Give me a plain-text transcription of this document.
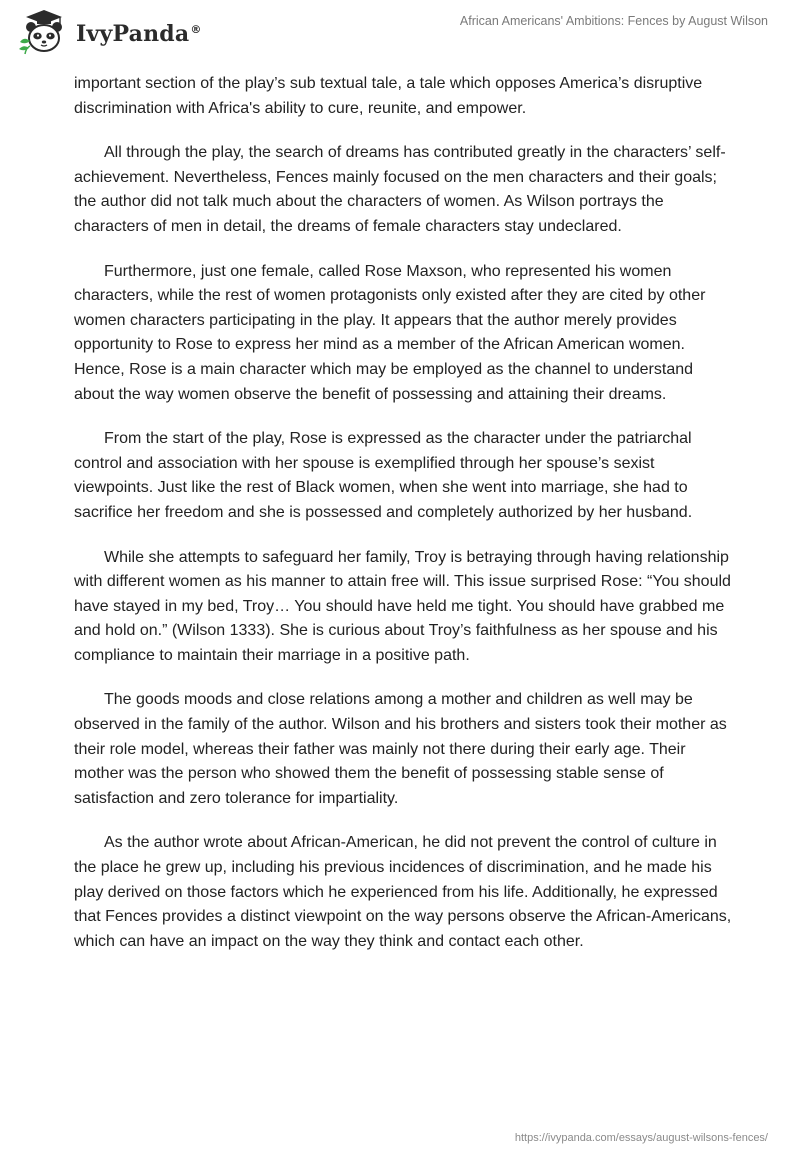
IvyPanda®
African Americans' Ambitions: Fences by August Wilson

important section of the play’s sub textual tale, a tale which opposes America’s disruptive discrimination with Africa's ability to cure, reunite, and empower.

All through the play, the search of dreams has contributed greatly in the characters’ self-achievement. Nevertheless, Fences mainly focused on the men characters and their goals; the author did not talk much about the characters of women. As Wilson portrays the characters of men in detail, the dreams of female characters stay undeclared.

Furthermore, just one female, called Rose Maxson, who represented his women characters, while the rest of women protagonists only existed after they are cited by other women characters participating in the play. It appears that the author merely provides opportunity to Rose to express her mind as a member of the African American women. Hence, Rose is a main character which may be employed as the channel to understand about the way women observe the benefit of possessing and attaining their dreams.

From the start of the play, Rose is expressed as the character under the patriarchal control and association with her spouse is exemplified through her spouse’s sexist viewpoints. Just like the rest of Black women, when she went into marriage, she had to sacrifice her freedom and she is possessed and completely authorized by her husband.

While she attempts to safeguard her family, Troy is betraying through having relationship with different women as his manner to attain free will. This issue surprised Rose: “You should have stayed in my bed, Troy… You should have held me tight. You should have grabbed me and hold on.” (Wilson 1333). She is curious about Troy’s faithfulness as her spouse and his compliance to maintain their marriage in a positive path.

The goods moods and close relations among a mother and children as well may be observed in the family of the author. Wilson and his brothers and sisters took their mother as their role model, whereas their father was mainly not there during their early age. Their mother was the person who showed them the benefit of possessing stable sense of satisfaction and zero tolerance for impartiality.

As the author wrote about African-American, he did not prevent the control of culture in the place he grew up, including his previous incidences of discrimination, and he made his play derived on those factors which he experienced from his life. Additionally, he expressed that Fences provides a distinct viewpoint on the way persons observe the African-Americans, which can have an impact on the way they think and contact each other.

https://ivypanda.com/essays/august-wilsons-fences/
